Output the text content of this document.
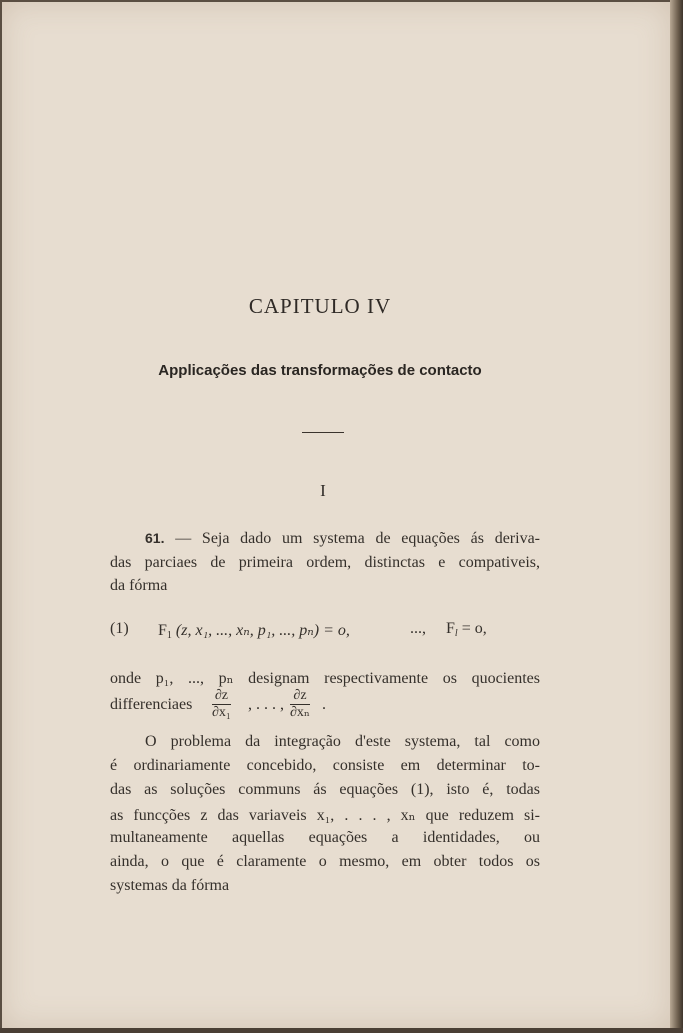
CAPITULO IV
Applicações das transformações de contacto
I
61. — Seja dado um systema de equações ás deriva-
das parciaes de primeira ordem, distinctas e compativeis,
da fórma
(1) $F_1$ (z, x₁, ..., xₙ, p₁, ..., pₙ) = o,	..., $F_l = o$,
onde p₁, ..., pₙ designam respectivamente os quocientes
differenciaes $\frac{\partial z}{\text{∂x₁}}$ , . . . , $\frac{\partial z}{\text{∂xₙ}}$ .
O problema da integração d'este systema, tal como
é ordinariamente concebido, consiste em determinar to-
das as soluções communs ás equações (1), isto é, todas
as funcções z das variaveis x₁, . . . , xₙ que reduzem si-
multaneamente aquellas equações a identidades, ou
ainda, o que é claramente o mesmo, em obter todos os
systemas da fórma
